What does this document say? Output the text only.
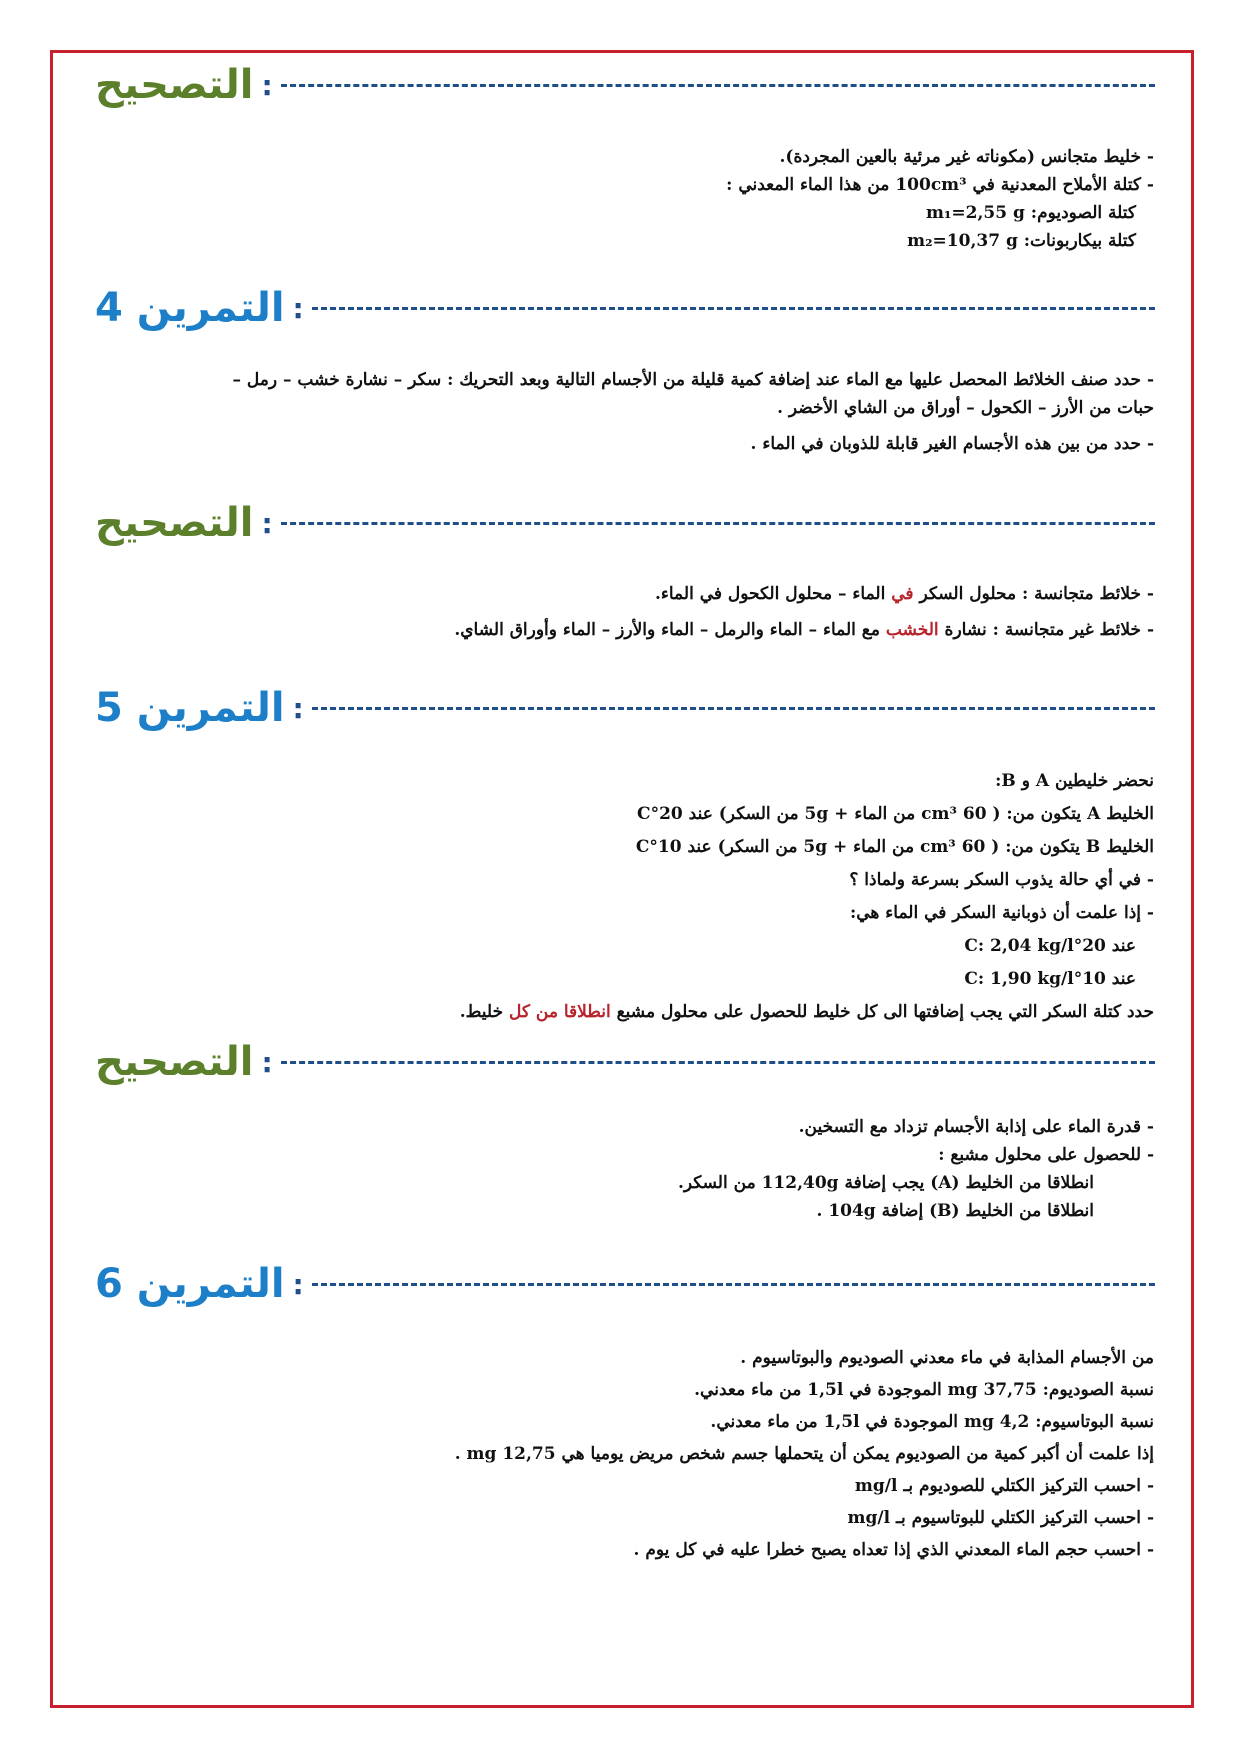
التصحيح :
- خليط متجانس (مكوناته غير مرئية بالعين المجردة).
- كتلة الأملاح المعدنية في 100cm³ من هذا الماء المعدني :
كتلة الصوديوم: m₁=2,55 g
كتلة بيكاربونات: m₂=10,37 g
التمرين 4 :
- حدد صنف الخلائط المحصل عليها مع الماء عند إضافة كمية قليلة من الأجسام التالية وبعد التحريك : سكر – نشارة خشب – رمل –
حبات من الأرز – الكحول – أوراق من الشاي الأخضر .
- حدد من بين هذه الأجسام الغير قابلة للذوبان في الماء .
التصحيح :
- خلائط متجانسة : محلول السكر في الماء – محلول الكحول في الماء.
- خلائط غير متجانسة : نشارة الخشب مع الماء – الماء والرمل – الماء والأرز – الماء وأوراق الشاي.
التمرين 5 :
نحضر خليطين A و B:
الخليط A يتكون من: ( 60 cm³ من الماء + 5g من السكر) عند 20°C
الخليط B يتكون من: ( 60 cm³ من الماء + 5g من السكر) عند 10°C
- في أي حالة يذوب السكر بسرعة ولماذا ؟
- إذا علمت أن ذوبانية السكر في الماء هي:
عند 20°C: 2,04 kg/l
عند 10°C: 1,90 kg/l
حدد كتلة السكر التي يجب إضافتها الى كل خليط للحصول على محلول مشبع انطلاقا من كل خليط.
التصحيح :
- قدرة الماء على إذابة الأجسام تزداد مع التسخين.
- للحصول على محلول مشبع :
انطلاقا من الخليط (A) يجب إضافة 112,40g من السكر.
انطلاقا من الخليط (B) إضافة 104g .
التمرين 6 :
من الأجسام المذابة في ماء معدني الصوديوم والبوتاسيوم .
نسبة الصوديوم: 37,75 mg الموجودة في 1,5l من ماء معدني.
نسبة البوتاسيوم: 4,2 mg الموجودة في 1,5l من ماء معدني.
إذا علمت أن أكبر كمية من الصوديوم يمكن أن يتحملها جسم شخص مريض يوميا هي 12,75 mg .
- احسب التركيز الكتلي للصوديوم بـ mg/l
- احسب التركيز الكتلي للبوتاسيوم بـ mg/l
- احسب حجم الماء المعدني الذي إذا تعداه يصبح خطرا عليه في كل يوم .
